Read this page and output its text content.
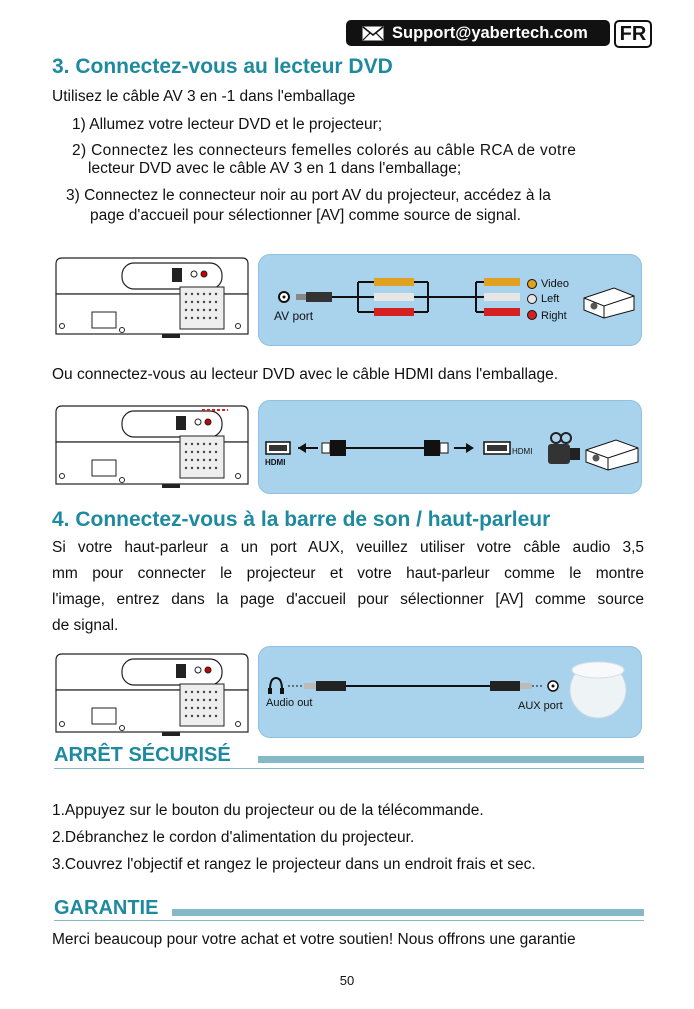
Support@yabertech.com	FR
3. Connectez-vous au lecteur DVD
Utilisez le câble AV 3 en -1 dans l'emballage
1) Allumez votre lecteur DVD et le projecteur;
2) Connectez les connecteurs femelles colorés au câble RCA de votre
lecteur DVD avec le câble AV 3 en 1 dans l'emballage;
3) Connectez le connecteur noir au port AV du projecteur, accédez à la
page d'accueil pour sélectionner [AV] comme source de signal.
AV port
Video
Left
Right
Ou connectez-vous au lecteur DVD avec le câble HDMI dans l'emballage.
HDMI
HDMI
4. Connectez-vous à la barre de son / haut-parleur
Si votre haut-parleur a un port AUX, veuillez utiliser votre câble audio 3,5
mm pour connecter le projecteur et votre haut-parleur comme le montre
l'image, entrez dans la page d'accueil pour sélectionner [AV] comme source
de signal.
Audio out	AUX port
ARRÊT SÉCURISÉ
1.Appuyez sur le bouton du projecteur ou de la télécommande.
2.Débranchez le cordon d'alimentation du projecteur.
3.Couvrez l'objectif et rangez le projecteur dans un endroit frais et sec.
GARANTIE
Merci beaucoup pour votre achat et votre soutien! Nous offrons une garantie
50
